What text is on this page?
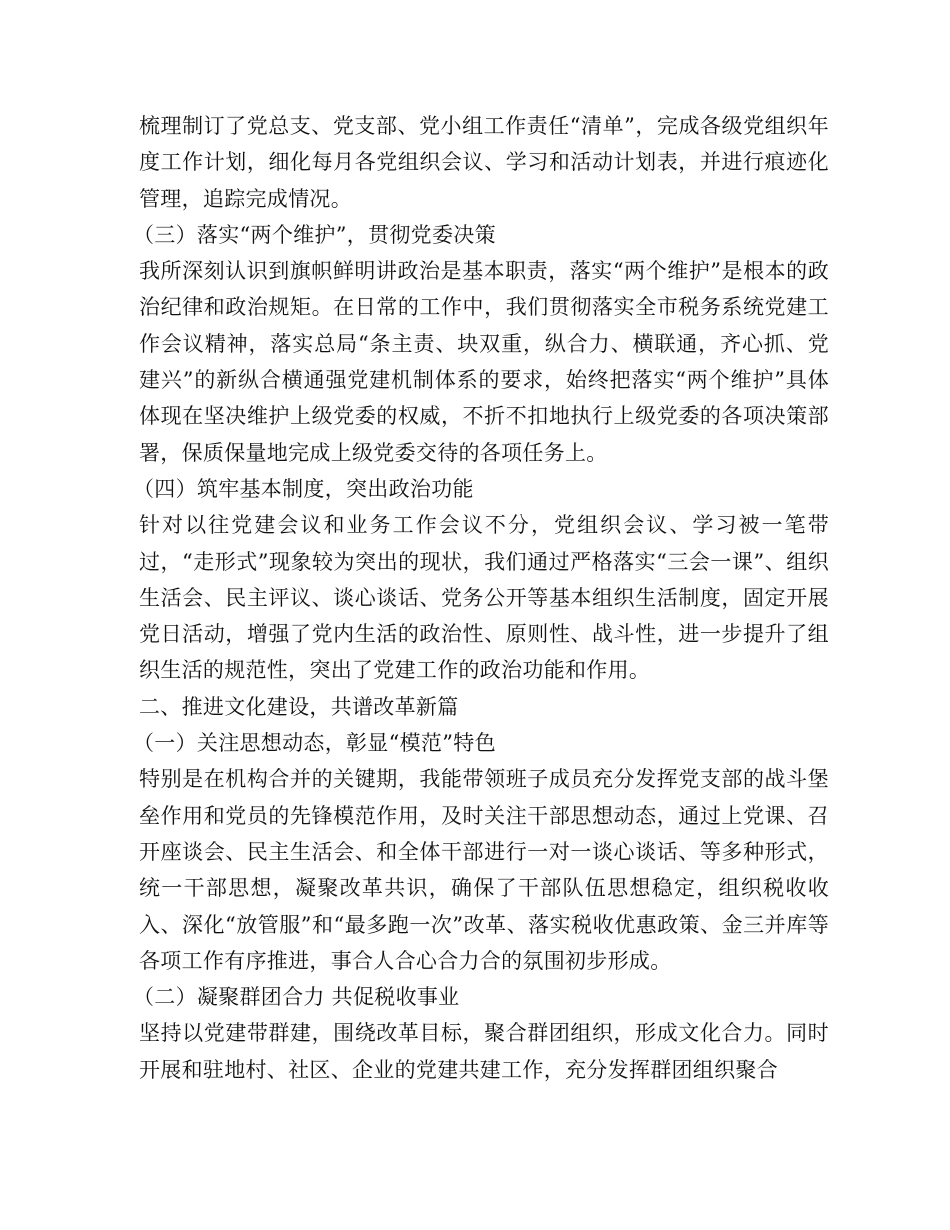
梳理制订了党总支、党支部、党小组工作责任“清单”，完成各级党组织年度工作计划，细化每月各党组织会议、学习和活动计划表，并进行痕迹化管理，追踪完成情况。

（三）落实“两个维护”，贯彻党委决策

我所深刻认识到旗帜鲜明讲政治是基本职责，落实“两个维护”是根本的政治纪律和政治规矩。在日常的工作中，我们贯彻落实全市税务系统党建工作会议精神，落实总局“条主责、块双重，纵合力、横联通，齐心抓、党建兴”的新纵合横通强党建机制体系的要求，始终把落实“两个维护”具体体现在坚决维护上级党委的权威，不折不扣地执行上级党委的各项决策部署，保质保量地完成上级党委交待的各项任务上。

（四）筑牢基本制度，突出政治功能

针对以往党建会议和业务工作会议不分，党组织会议、学习被一笔带过，“走形式”现象较为突出的现状，我们通过严格落实“三会一课”、组织生活会、民主评议、谈心谈话、党务公开等基本组织生活制度，固定开展党日活动，增强了党内生活的政治性、原则性、战斗性，进一步提升了组织生活的规范性，突出了党建工作的政治功能和作用。

二、推进文化建设，共谱改革新篇

（一）关注思想动态，彰显“模范”特色

特别是在机构合并的关键期，我能带领班子成员充分发挥党支部的战斗堡垒作用和党员的先锋模范作用，及时关注干部思想动态，通过上党课、召开座谈会、民主生活会、和全体干部进行一对一谈心谈话、等多种形式，统一干部思想，凝聚改革共识，确保了干部队伍思想稳定，组织税收收入、深化“放管服”和“最多跑一次”改革、落实税收优惠政策、金三并库等各项工作有序推进，事合人合心合力合的氛围初步形成。

（二）凝聚群团合力 共促税收事业

坚持以党建带群建，围绕改革目标，聚合群团组织，形成文化合力。同时开展和驻地村、社区、企业的党建共建工作，充分发挥群团组织聚合
